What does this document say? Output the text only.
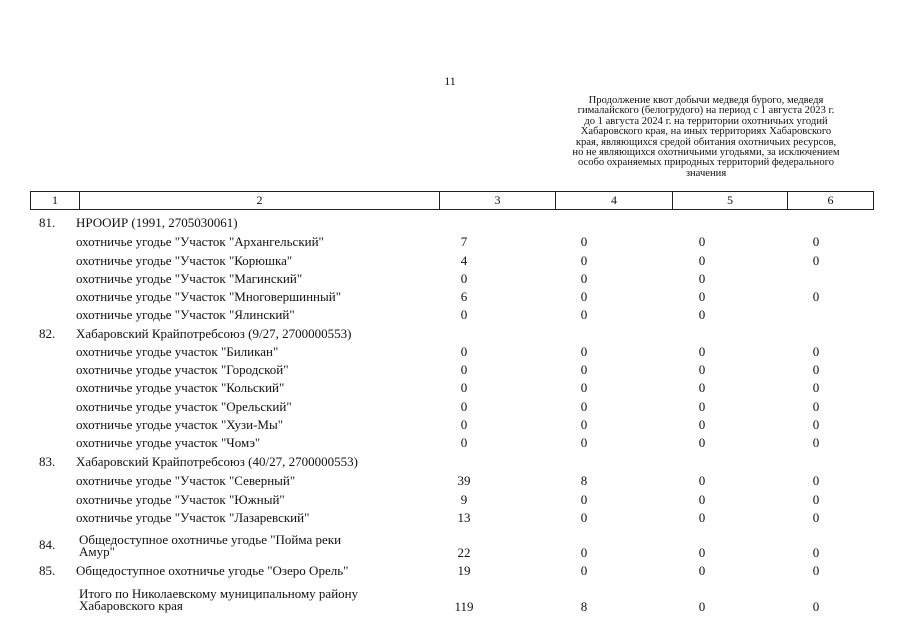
11
Продолжение квот добычи медведя бурого, медведя
гималайского (белогрудого) на период с 1 августа 2023 г.
до 1 августа 2024 г. на территории охотничьих угодий
Хабаровского края, на иных территориях Хабаровского
края, являющихся средой обитания охотничьих ресурсов,
но не являющихся охотничьими угодьями, за исключением
особо охраняемых природных территорий федерального
значения
1	2	3	4	5	6
81. НРООИР (1991, 2705030061)
охотничье угодье "Участок "Архангельский"	7	0	0	0
охотничье угодье "Участок "Корюшка"	4	0	0	0
охотничье угодье "Участок "Магинский"	0	0	0
охотничье угодье "Участок "Многовершинный"	6	0	0	0
охотничье угодье "Участок "Ялинский"	0	0	0
82. Хабаровский Крайпотребсоюз (9/27, 2700000553)
охотничье угодье участок "Биликан"	0	0	0	0
охотничье угодье участок "Городской"	0	0	0	0
охотничье угодье участок "Кольский"	0	0	0	0
охотничье угодье участок "Орельский"	0	0	0	0
охотничье угодье участок "Хузи-Мы"	0	0	0	0
охотничье угодье участок "Чомэ"	0	0	0	0
83. Хабаровский Крайпотребсоюз (40/27, 2700000553)
охотничье угодье "Участок "Северный"	39	8	0	0
охотничье угодье "Участок "Южный"	9	0	0	0
охотничье угодье "Участок "Лазаревский"	13	0	0	0
84. Общедоступное охотничье угодье "Пойма реки
Амур"	22	0	0	0
85. Общедоступное охотничье угодье "Озеро Орель"	19	0	0	0
Итого по Николаевскому муниципальному району
Хабаровского края	119	8	0	0
